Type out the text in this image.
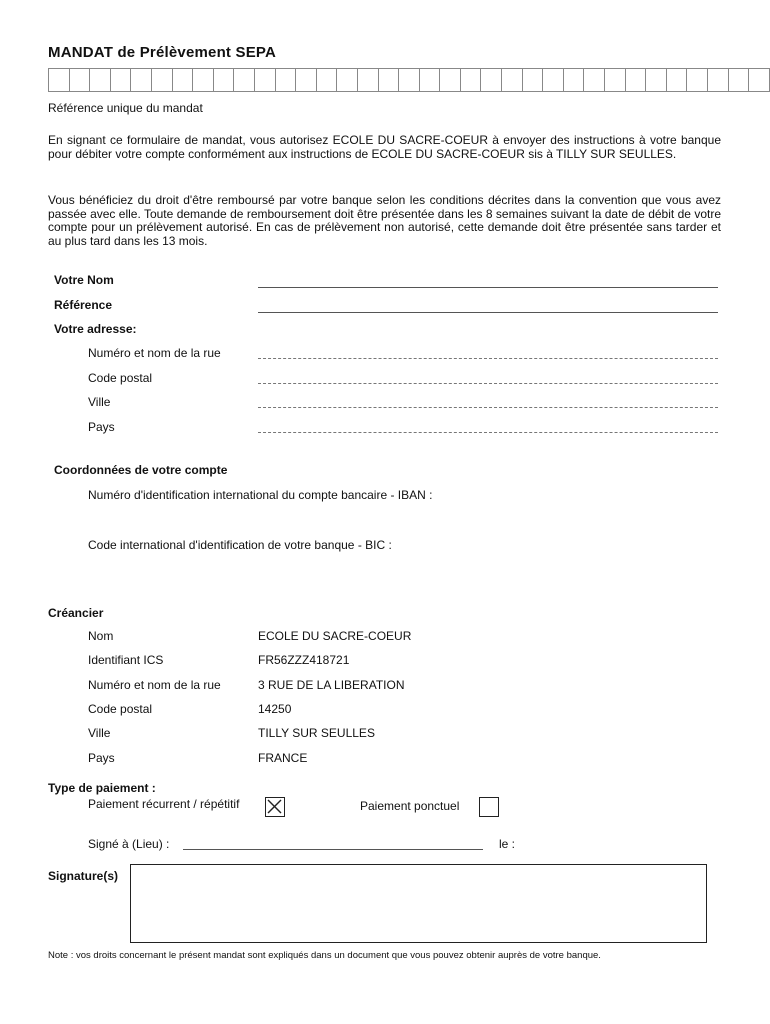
MANDAT de Prélèvement SEPA
Référence unique du mandat
En signant ce formulaire de mandat, vous autorisez ECOLE DU SACRE-COEUR à envoyer des instructions à votre banque pour débiter votre compte conformément aux instructions de ECOLE DU SACRE-COEUR sis à TILLY SUR SEULLES.
Vous bénéficiez du droit d'être remboursé par votre banque selon les conditions décrites dans la convention que vous avez passée avec elle. Toute demande de remboursement doit être présentée dans les 8 semaines suivant la date de débit de votre compte pour un prélèvement autorisé. En cas de prélèvement non autorisé, cette demande doit être présentée sans tarder et au plus tard dans les 13 mois.
Votre Nom
Référence
Votre adresse:
Numéro et nom de la rue
Code postal
Ville
Pays
Coordonnées de votre compte
Numéro d'identification international du compte bancaire - IBAN :
Code international d'identification de votre banque - BIC :
Créancier
Nom	ECOLE DU SACRE-COEUR
Identifiant ICS	FR56ZZZ418721
Numéro et nom de la rue	3 RUE DE LA LIBERATION
Code postal	14250
Ville	TILLY SUR SEULLES
Pays	FRANCE
Type de paiement :
Paiement récurrent / répétitif	Paiement ponctuel
Signé à (Lieu) :	le :
Signature(s)
Note : vos droits concernant le présent mandat sont expliqués dans un document que vous pouvez obtenir auprès de votre banque.
